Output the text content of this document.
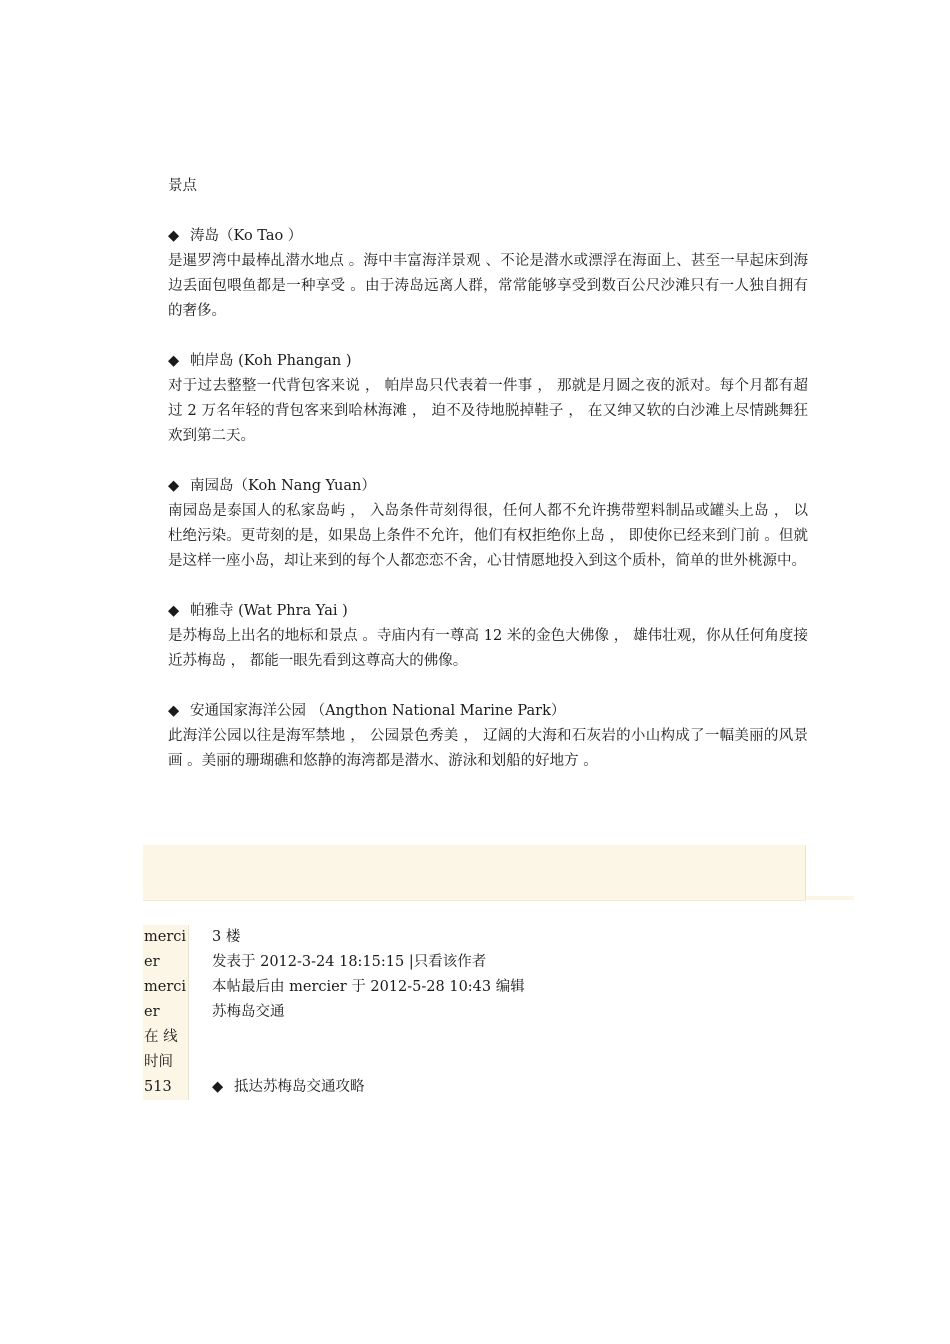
景点
◆ 涛岛（Ko Tao ）
是暹罗湾中最棒乩潜水地点 。海中丰富海洋景观 、不论是潜水或漂浮在海面上、甚至一早起床到海边丢面包喂鱼都是一种享受 。由于涛岛远离人群，常常能够享受到数百公尺沙滩只有一人独自拥有的奢侈。
◆ 帕岸岛 (Koh Phangan )
对于过去整整一代背包客来说 ， 帕岸岛只代表着一件事 ， 那就是月圆之夜的派对。每个月都有超过 2 万名年轻的背包客来到哈林海滩 ， 迫不及待地脱掉鞋子 ， 在又绅又软的白沙滩上尽情跳舞狂欢到第二天。
◆ 南园岛（Koh Nang Yuan）
南园岛是泰国人的私家岛屿 ， 入岛条件苛刻得很，任何人都不允许携带塑料制品或罐头上岛 ， 以杜绝污染。更苛刻的是，如果岛上条件不允许，他们有权拒绝你上岛 ， 即使你已经来到门前 。但就是这样一座小岛，却让来到的每个人都恋恋不舍，心甘情愿地投入到这个质朴，简单的世外桃源中。
◆ 帕雅寺 (Wat Phra Yai )
是苏梅岛上出名的地标和景点 。寺庙内有一尊高 12 米的金色大佛像 ， 雄伟壮观，你从任何角度接近苏梅岛 ， 都能一眼先看到这尊高大的佛像。
◆ 安通国家海洋公园 （Angthon National Marine Park）
此海洋公园以往是海军禁地 ， 公园景色秀美 ， 辽阔的大海和石灰岩的小山构成了一幅美丽的风景画 。美丽的珊瑚礁和悠静的海湾都是潜水、游泳和划船的好地方 。
merci
er
merci
er
在 线
时间
513
3 楼
发表于 2012-3-24 18:15:15 |只看该作者
本帖最后由 mercier 于 2012-5-28 10:43 编辑
苏梅岛交通
◆ 抵达苏梅岛交通攻略
